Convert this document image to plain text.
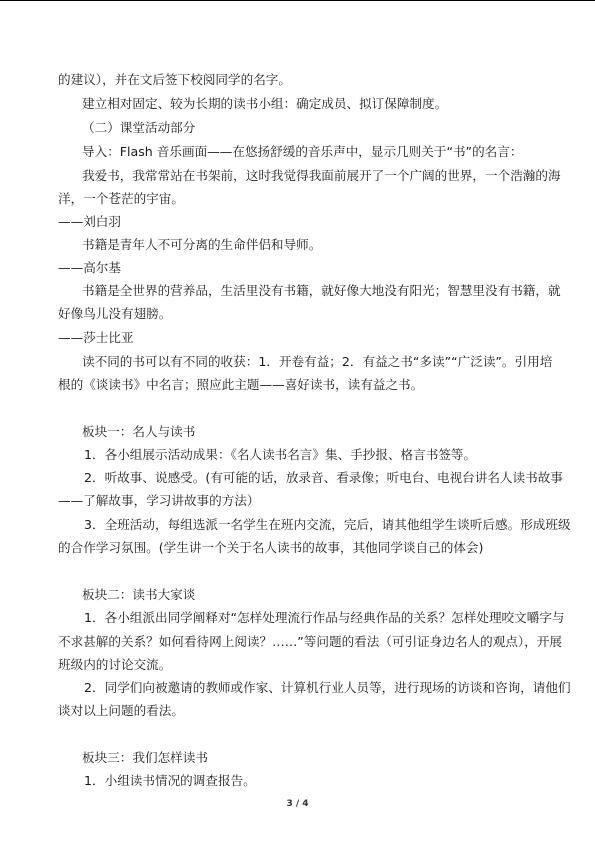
的建议），并在文后签下校阅同学的名字。
建立相对固定、较为长期的读书小组：确定成员、拟订保障制度。
（二）课堂活动部分
导入：Flash 音乐画面——在悠扬舒缓的音乐声中，显示几则关于“书”的名言：
我爱书，我常常站在书架前，这时我觉得我面前展开了一个广阔的世界，一个浩瀚的海
洋，一个苍茫的宇宙。
——刘白羽
书籍是青年人不可分离的生命伴侣和导师。
——高尔基
书籍是全世界的营养品，生活里没有书籍，就好像大地没有阳光；智慧里没有书籍，就
好像鸟儿没有翅膀。
——莎士比亚
读不同的书可以有不同的收获：1．开卷有益；2．有益之书“多读”“广泛读”。引用培
根的《谈读书》中名言；照应此主题——喜好读书，读有益之书。
板块一：名人与读书
1．各小组展示活动成果：《名人读书名言》集、手抄报、格言书签等。
2．听故事、说感受。(有可能的话，放录音、看录像；听电台、电视台讲名人读书故事
——了解故事，学习讲故事的方法）
3．全班活动，每组选派一名学生在班内交流，完后，请其他组学生谈听后感。形成班级
的合作学习氛围。(学生讲一个关于名人读书的故事，其他同学谈自己的体会)
板块二：读书大家谈
1．各小组派出同学阐释对“怎样处理流行作品与经典作品的关系？怎样处理咬文嚼字与
不求甚解的关系？如何看待网上阅读？……”等问题的看法（可引证身边名人的观点），开展
班级内的讨论交流。
2．同学们向被邀请的教师或作家、计算机行业人员等，进行现场的访谈和咨询，请他们
谈对以上问题的看法。
板块三：我们怎样读书
1．小组读书情况的调查报告。
3 / 4
